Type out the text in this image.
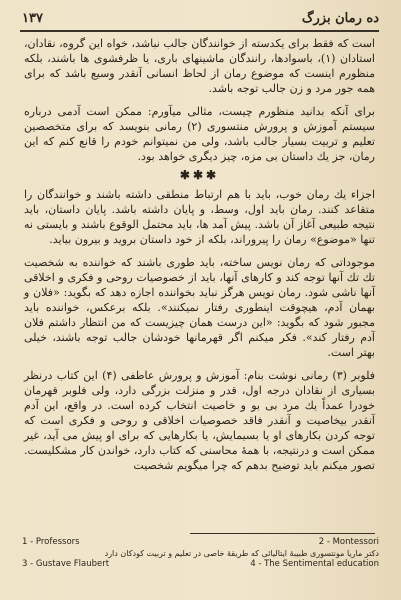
۱۳۷	ده رمان بزرگ

است که فقط برای یکدسته از خوانندگان جالب نباشد، خواه این گروه، نقادان، استادان (۱)، باسوادها، رانندگان ماشینهای باری، یا ظرفشوی ها باشند، بلکه منظورم اینست که موضوع رمان از لحاظ انسانی آنقدر وسیع باشد که برای همه جور مرد و زن جالب توجه باشد.

برای آنکه بدانید منظورم چیست، مثالی میآورم: ممکن است آدمی درباره سیستم آموزش و پرورش منتسوری (۲) رمانی بنویسد که برای متخصصین تعلیم و تربیت بسیار جالب باشد، ولی من نمیتوانم خودم را قانع کنم که این رمان، جز یك داستان بی مزه، چیز دیگری خواهد بود.

✱✱✱

اجزاء یك رمان خوب، باید با هم ارتباط منطقی داشته باشند و خوانندگان را متقاعد کنند. رمان باید اول، وسط، و پایان داشته باشد. پایان داستان، باید نتیجه طبیعی آغاز آن باشد. پیش آمد ها، باید محتمل الوقوع باشند و بایستی نه تنها «موضوع» رمان را پیروراند، بلکه از خود داستان بروید و بیرون بیاید.

موجوداتی که رمان نویس ساخته، باید طوری باشند که خواننده به شخصیت تك تك آنها توجه کند و کارهای آنها، باید از خصوصیات روحی و فکری و اخلاقی آنها ناشی شود. رمان نویس هرگز نباید بخواننده اجازه دهد که بگوید: «فلان و بهمان آدم، هیچوقت اینطوری رفتار نمیکنند». بلکه برعکس، خواننده باید مجبور شود که بگوید: «این درست همان چیزیست که من انتظار داشتم فلان آدم رفتار کند». فکر میکنم اگر قهرمانها خودشان جالب توجه باشند، خیلی بهتر است.

فلوبر (۳) رمانی نوشت بنام: آموزش و پرورش عاطفی (۴) این کتاب درنظر بسیاری از نقادان درجه اول، قدر و منزلت بزرگی دارد، ولی فلوبر قهرمان خودرا عمداً یك مرد بی بو و خاصیت انتخاب کرده است. در واقع، این آدم آنقدر بیخاصیت و آنقدر فاقد خصوصیات اخلاقی و روحی و فکری است که توجه کردن بکارهای او یا بسیمایش، یا بکارهایی که برای او پیش می آید، غیر ممکن است و درنتیجه، با همهٔ محاسنی که کتاب دارد، خواندن کار مشکلیست. تصور میکنم باید توضیح بدهم که چرا میگویم شخصیت

1 - Professors	2 - Montessori
دکتر ماریا مونتسوری طبیبهٔ ایتالیائی که طریقهٔ خاصی در تعلیم و تربیت کودکان دارد
3 - Gustave Flaubert	4 - The Sentimental education
